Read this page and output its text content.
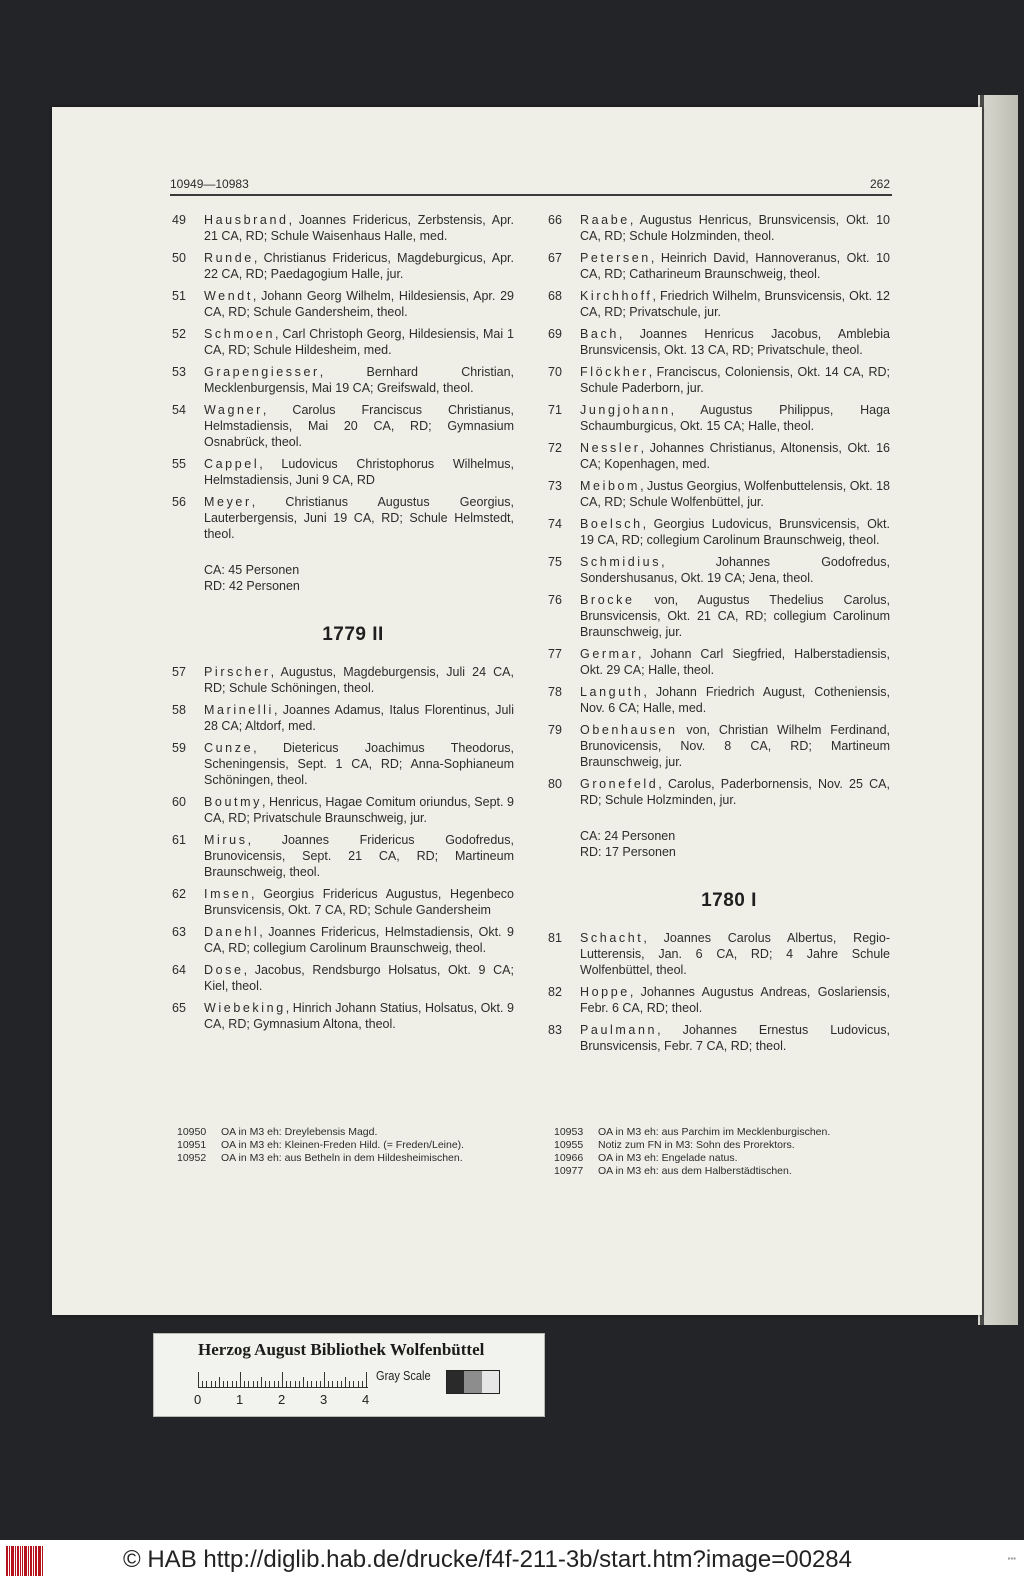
10949—10983	262
49	Hausbrand, Joannes Fridericus, Zerbstensis, Apr. 21 CA, RD; Schule Waisenhaus Halle, med.
50	Runde, Christianus Fridericus, Magdeburgicus, Apr. 22 CA, RD; Paedagogium Halle, jur.
51	Wendt, Johann Georg Wilhelm, Hildesiensis, Apr. 29 CA, RD; Schule Gandersheim, theol.
52	Schmoen, Carl Christoph Georg, Hildesiensis, Mai 1 CA, RD; Schule Hildesheim, med.
53	Grapengiesser, Bernhard Christian, Mecklenburgensis, Mai 19 CA; Greifswald, theol.
54	Wagner, Carolus Franciscus Christianus, Helmstadiensis, Mai 20 CA, RD; Gymnasium Osnabrück, theol.
55	Cappel, Ludovicus Christophorus Wilhelmus, Helmstadiensis, Juni 9 CA, RD
56	Meyer, Christianus Augustus Georgius, Lauterbergensis, Juni 19 CA, RD; Schule Helmstedt, theol.
CA: 45 Personen
RD: 42 Personen
1779 II
57	Pirscher, Augustus, Magdeburgensis, Juli 24 CA, RD; Schule Schöningen, theol.
58	Marinelli, Joannes Adamus, Italus Florentinus, Juli 28 CA; Altdorf, med.
59	Cunze, Dietericus Joachimus Theodorus, Scheningensis, Sept. 1 CA, RD; Anna-Sophianeum Schöningen, theol.
60	Boutmy, Henricus, Hagae Comitum oriundus, Sept. 9 CA, RD; Privatschule Braunschweig, jur.
61	Mirus, Joannes Fridericus Godofredus, Brunovicensis, Sept. 21 CA, RD; Martineum Braunschweig, theol.
62	Imsen, Georgius Fridericus Augustus, Hegenbeco Brunsvicensis, Okt. 7 CA, RD; Schule Gandersheim
63	Danehl, Joannes Fridericus, Helmstadiensis, Okt. 9 CA, RD; collegium Carolinum Braunschweig, theol.
64	Dose, Jacobus, Rendsburgo Holsatus, Okt. 9 CA; Kiel, theol.
65	Wiebeking, Hinrich Johann Statius, Holsatus, Okt. 9 CA, RD; Gymnasium Altona, theol.
66	Raabe, Augustus Henricus, Brunsvicensis, Okt. 10 CA, RD; Schule Holzminden, theol.
67	Petersen, Heinrich David, Hannoveranus, Okt. 10 CA, RD; Catharineum Braunschweig, theol.
68	Kirchhoff, Friedrich Wilhelm, Brunsvicensis, Okt. 12 CA, RD; Privatschule, jur.
69	Bach, Joannes Henricus Jacobus, Amblebia Brunsvicensis, Okt. 13 CA, RD; Privatschule, theol.
70	Flöckher, Franciscus, Coloniensis, Okt. 14 CA, RD; Schule Paderborn, jur.
71	Jungjohann, Augustus Philippus, Haga Schaumburgicus, Okt. 15 CA; Halle, theol.
72	Nessler, Johannes Christianus, Altonensis, Okt. 16 CA; Kopenhagen, med.
73	Meibom, Justus Georgius, Wolfenbuttelensis, Okt. 18 CA, RD; Schule Wolfenbüttel, jur.
74	Boelsch, Georgius Ludovicus, Brunsvicensis, Okt. 19 CA, RD; collegium Carolinum Braunschweig, theol.
75	Schmidius, Johannes Godofredus, Sondershusanus, Okt. 19 CA; Jena, theol.
76	Brocke von, Augustus Thedelius Carolus, Brunsvicensis, Okt. 21 CA, RD; collegium Carolinum Braunschweig, jur.
77	Germar, Johann Carl Siegfried, Halberstadiensis, Okt. 29 CA; Halle, theol.
78	Languth, Johann Friedrich August, Cotheniensis, Nov. 6 CA; Halle, med.
79	Obenhausen von, Christian Wilhelm Ferdinand, Brunovicensis, Nov. 8 CA, RD; Martineum Braunschweig, jur.
80	Gronefeld, Carolus, Paderbornensis, Nov. 25 CA, RD; Schule Holzminden, jur.
CA: 24 Personen
RD: 17 Personen
1780 I
81	Schacht, Joannes Carolus Albertus, Regio-Lutterensis, Jan. 6 CA, RD; 4 Jahre Schule Wolfenbüttel, theol.
82	Hoppe, Johannes Augustus Andreas, Goslariensis, Febr. 6 CA, RD; theol.
83	Paulmann, Johannes Ernestus Ludovicus, Brunsvicensis, Febr. 7 CA, RD; theol.
10950	OA in M3 eh: Dreylebensis Magd.
10951	OA in M3 eh: Kleinen-Freden Hild. (= Freden/Leine).
10952	OA in M3 eh: aus Betheln in dem Hildesheimischen.
10953	OA in M3 eh: aus Parchim im Mecklenburgischen.
10955	Notiz zum FN in M3: Sohn des Prorektors.
10966	OA in M3 eh: Engelade natus.
10977	OA in M3 eh: aus dem Halberstädtischen.
Herzog August Bibliothek Wolfenbüttel
0	1	2	3	4
Gray Scale
© HAB http://diglib.hab.de/drucke/f4f-211-3b/start.htm?image=00284	▪▪▪
